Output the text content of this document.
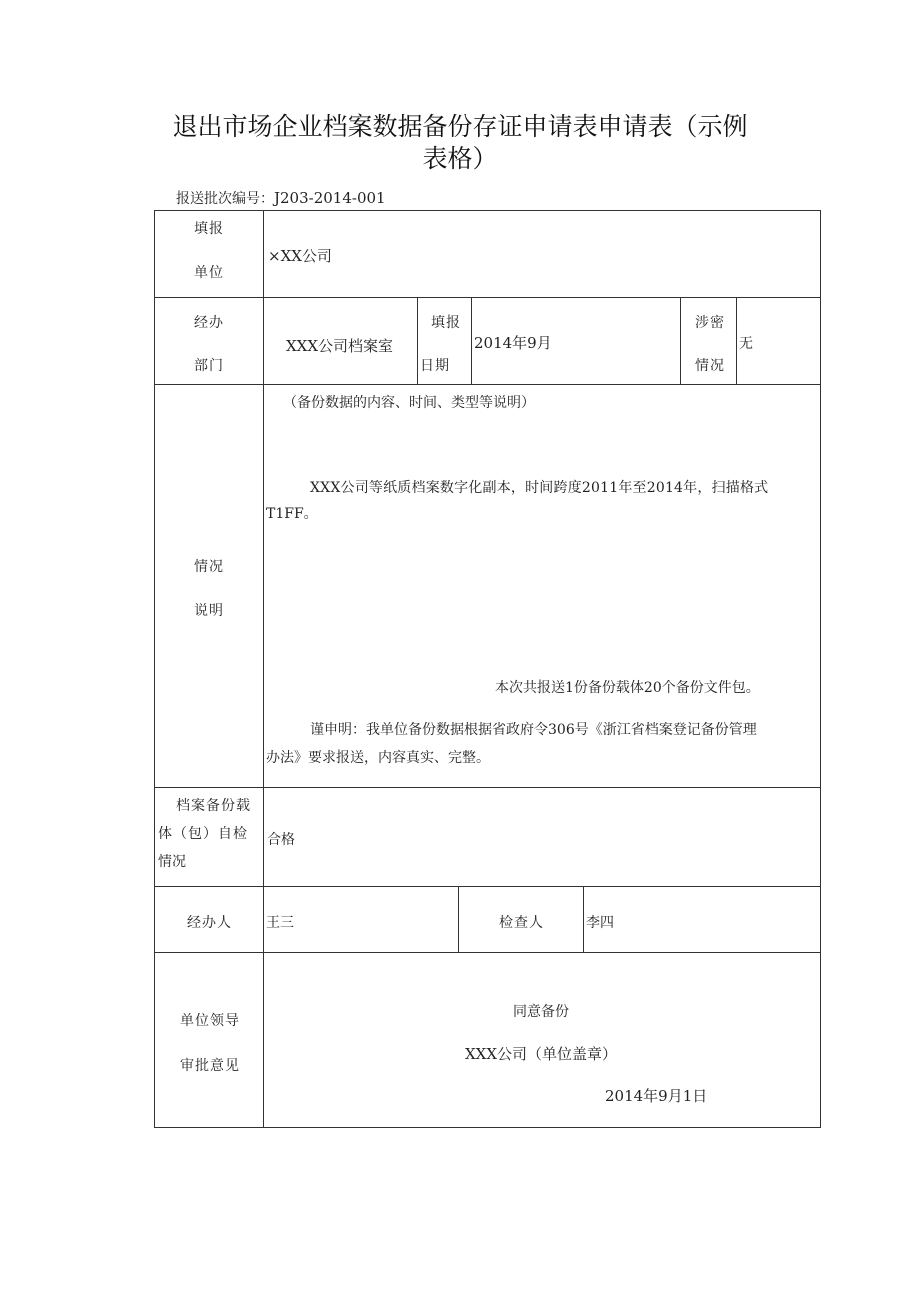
退出市场企业档案数据备份存证申请表申请表（示例
表格）
报送批次编号：J203-2014-001
填报
单位
×XX公司
经办
部门
XXX公司档案室
填报
日期
2014年9月
涉密
情况
无
情况
说明
（备份数据的内容、时间、类型等说明）
XXX公司等纸质档案数字化副本，时间跨度2011年至2014年，扫描格式
T1FF。
本次共报送1份备份载体20个备份文件包。
谨申明：我单位备份数据根据省政府令306号《浙江省档案登记备份管理
办法》要求报送，内容真实、完整。
档案备份载
体（包）自检
情况
合格
经办人 王三	检查人	李四
单位领导
审批意见
同意备份
XXX公司（单位盖章）
2014年9月1日
